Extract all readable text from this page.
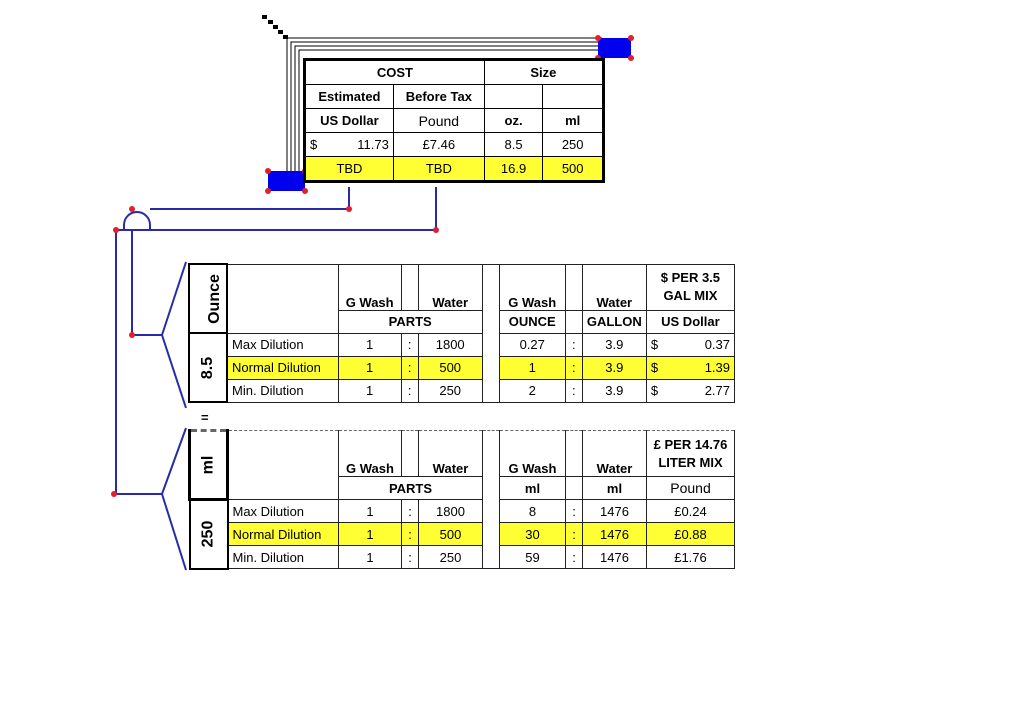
COST		Size	
Estimated	Before Tax		
US Dollar	Pound	oz.	ml
$ 11.73	£7.46	8.5	250
TBD	TBD	16.9	500
Ounce		G Wash		Water		G Wash		Water	$ PER 3.5 GAL MIX
		PARTS				OUNCE		GALLON	US Dollar
8.5	Max Dilution	1	:	1800		0.27	:	3.9	$ 0.37

	Normal Dilution	1	:	500		1	:	3.9	$ 1.39

	Min. Dilution	1	:	250		2	:	3.9	$ 2.77
=
ml		G Wash		Water		G Wash		Water	£ PER 14.76 LITER MIX
		PARTS				ml		ml	Pound
250	Max Dilution	1	:	1800		8	:	1476	£0.24
	Normal Dilution	1	:	500		30	:	1476	£0.88
	Min. Dilution	1	:	250		59	:	1476	£1.76
